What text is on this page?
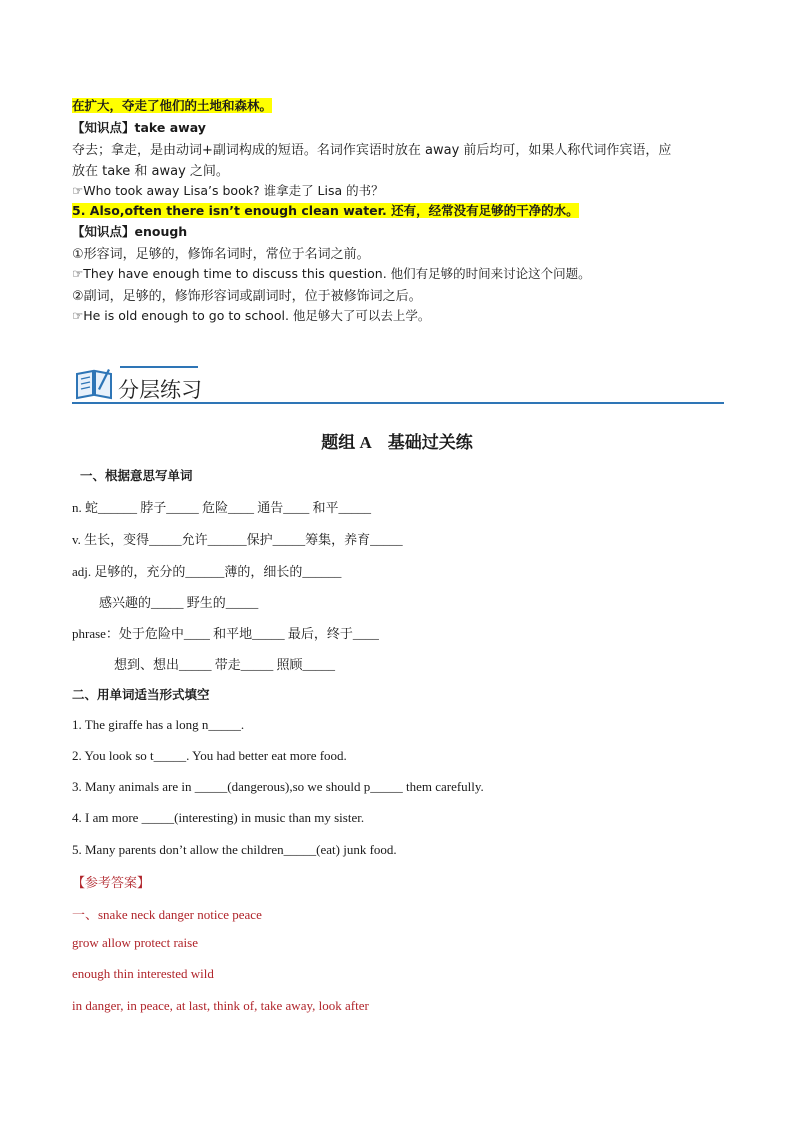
在扩大，夺走了他们的土地和森林。
【知识点】take away
夺去；拿走，是由动词+副词构成的短语。名词作宾语时放在 away 前后均可，如果人称代词作宾语，应
放在 take 和 away 之间。
☞Who took away Lisa’s book? 谁拿走了 Lisa 的书？
5. Also,often there isn’t enough clean water. 还有，经常没有足够的干净的水。
【知识点】enough
①形容词，足够的，修饰名词时，常位于名词之前。
☞They have enough time to discuss this question. 他们有足够的时间来讨论这个问题。
②副词，足够的，修饰形容词或副词时，位于被修饰词之后。
☞He is old enough to go to school. 他足够大了可以去上学。
分层练习
题组 A　基础过关练
一、根据意思写单词
n. 蛇______ 脖子_____ 危险____ 通告____ 和平_____
v. 生长，变得_____允许______保护_____筹集，养育_____
adj. 足够的，充分的______薄的，细长的______
感兴趣的_____ 野生的_____
phrase：处于危险中____ 和平地_____ 最后，终于____
想到、想出_____ 带走_____ 照顾_____
二、用单词适当形式填空
1. The giraffe has a long n_____.
2. You look so t_____. You had better eat more food.
3. Many animals are in _____(dangerous),so we should p_____ them carefully.
4. I am more _____(interesting) in music than my sister.
5. Many parents don’t allow the children_____(eat) junk food.
【参考答案】
一、snake neck danger notice peace
grow allow protect raise
enough thin interested wild
in danger, in peace, at last, think of, take away, look after
